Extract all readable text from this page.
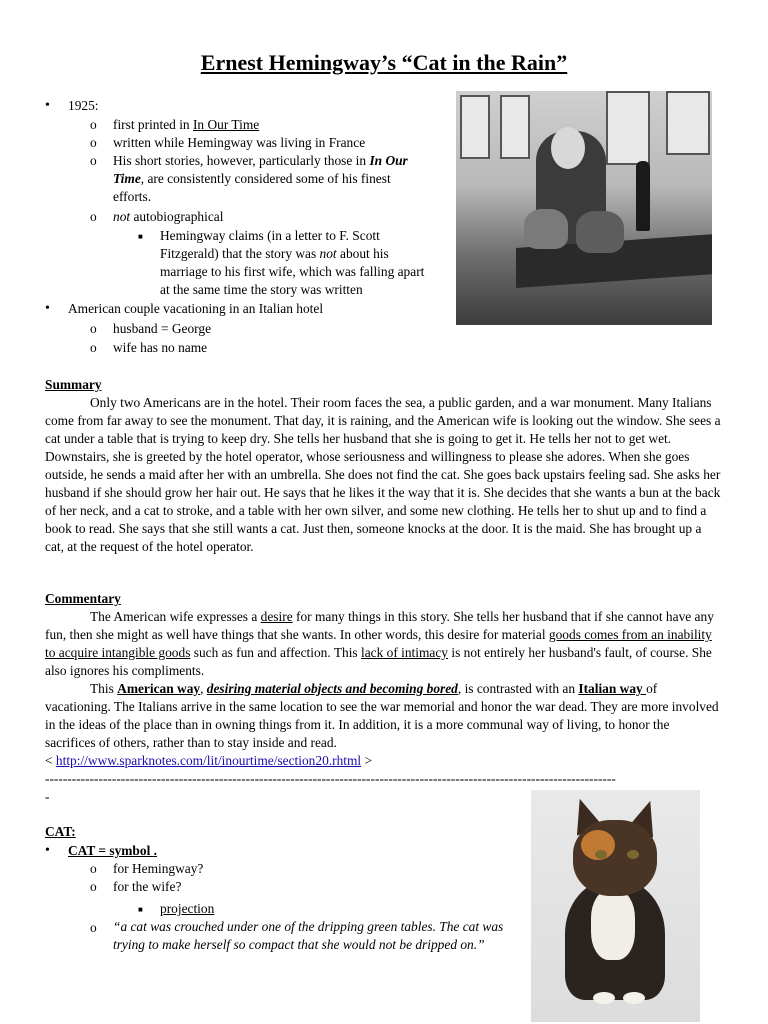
Ernest Hemingway’s “Cat in the Rain”
• 1925:
o first printed in In Our Time
o written while Hemingway was living in France
o His short stories, however, particularly those in In Our Time, are consistently considered some of his finest efforts.
o not autobiographical
■ Hemingway claims (in a letter to F. Scott Fitzgerald) that the story was not about his marriage to his first wife, which was falling apart at the same time the story was written
• American couple vacationing in an Italian hotel
o husband = George
o wife has no name
Summary

Only two Americans are in the hotel. Their room faces the sea, a public garden, and a war monument. Many Italians come from far away to see the monument. That day, it is raining, and the American wife is looking out the window. She sees a cat under a table that is trying to keep dry. She tells her husband that she is going to get it. He tells her not to get wet. Downstairs, she is greeted by the hotel operator, whose seriousness and willingness to please she adores. When she goes outside, he sends a maid after her with an umbrella. She does not find the cat. She goes back upstairs feeling sad. She asks her husband if she should grow her hair out. He says that he likes it the way that it is. She decides that she wants a bun at the back of her neck, and a cat to stroke, and a table with her own silver, and some new clothing. He tells her to shut up and to find a book to read. She says that she still wants a cat. Just then, someone knocks at the door. It is the maid. She has brought up a cat, at the request of the hotel operator.

Commentary

The American wife expresses a desire for many things in this story. She tells her husband that if she cannot have any fun, then she might as well have things that she wants. In other words, this desire for material goods comes from an inability to acquire intangible goods such as fun and affection. This lack of intimacy is not entirely her husband's fault, of course. She also ignores his compliments.

This American way, desiring material objects and becoming bored, is contrasted with an Italian way of vacationing. The Italians arrive in the same location to see the war memorial and honor the war dead. They are more involved in the ideas of the place than in owning things from it. In addition, it is a more communal way of living, to honor the sacrifices of others, rather than to stay inside and read.

< http://www.sparknotes.com/lit/inourtime/section20.rhtml >
--------------------------------------------------------------------------------------------------------------------------------
-
CAT:
• CAT = symbol .
o for Hemingway?
o for the wife?
■ projection
o “a cat was crouched under one of the dripping green tables. The cat was trying to make herself so compact that she would not be dripped on.”
